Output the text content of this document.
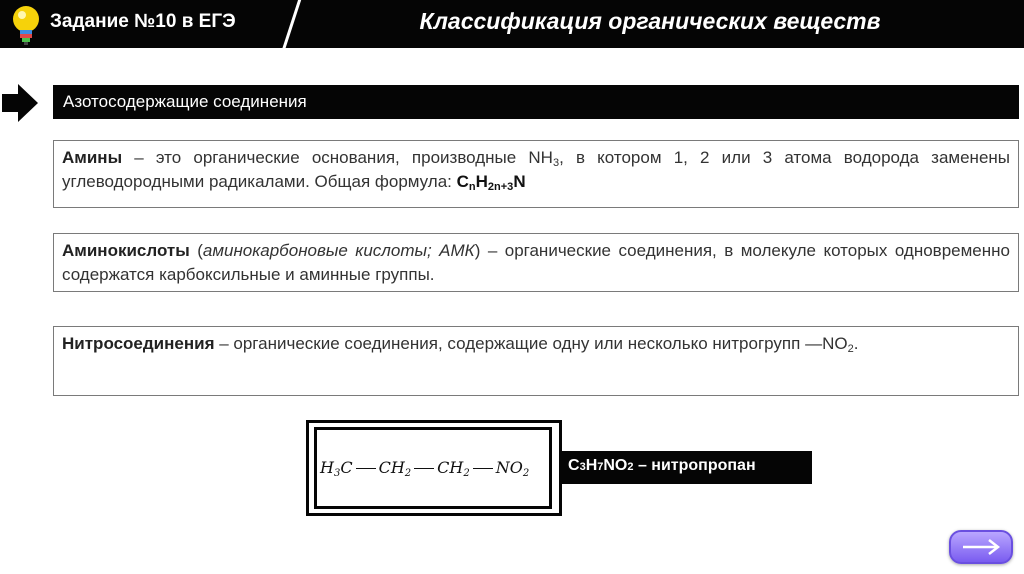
Задание №10 в ЕГЭ	Классификация органических веществ
Азотосодержащие соединения
Амины – это органические основания, производные $NH_3$, в котором 1, 2 или 3 атома водорода заменены углеводородными радикалами. Общая формула: $C_nH_{2n+3}N$
Аминокислоты (аминокарбоновые кислоты; АМК) – органические соединения, в молекуле которых одновременно содержатся карбоксильные и аминные группы.
Нитросоединения – органические соединения, содержащие одну или несколько нитрогрупп $—NO_2$.
$H_3C$ $CH_2$ $CH_2$ $NO_2$	C3H7NO2 – нитропропан
